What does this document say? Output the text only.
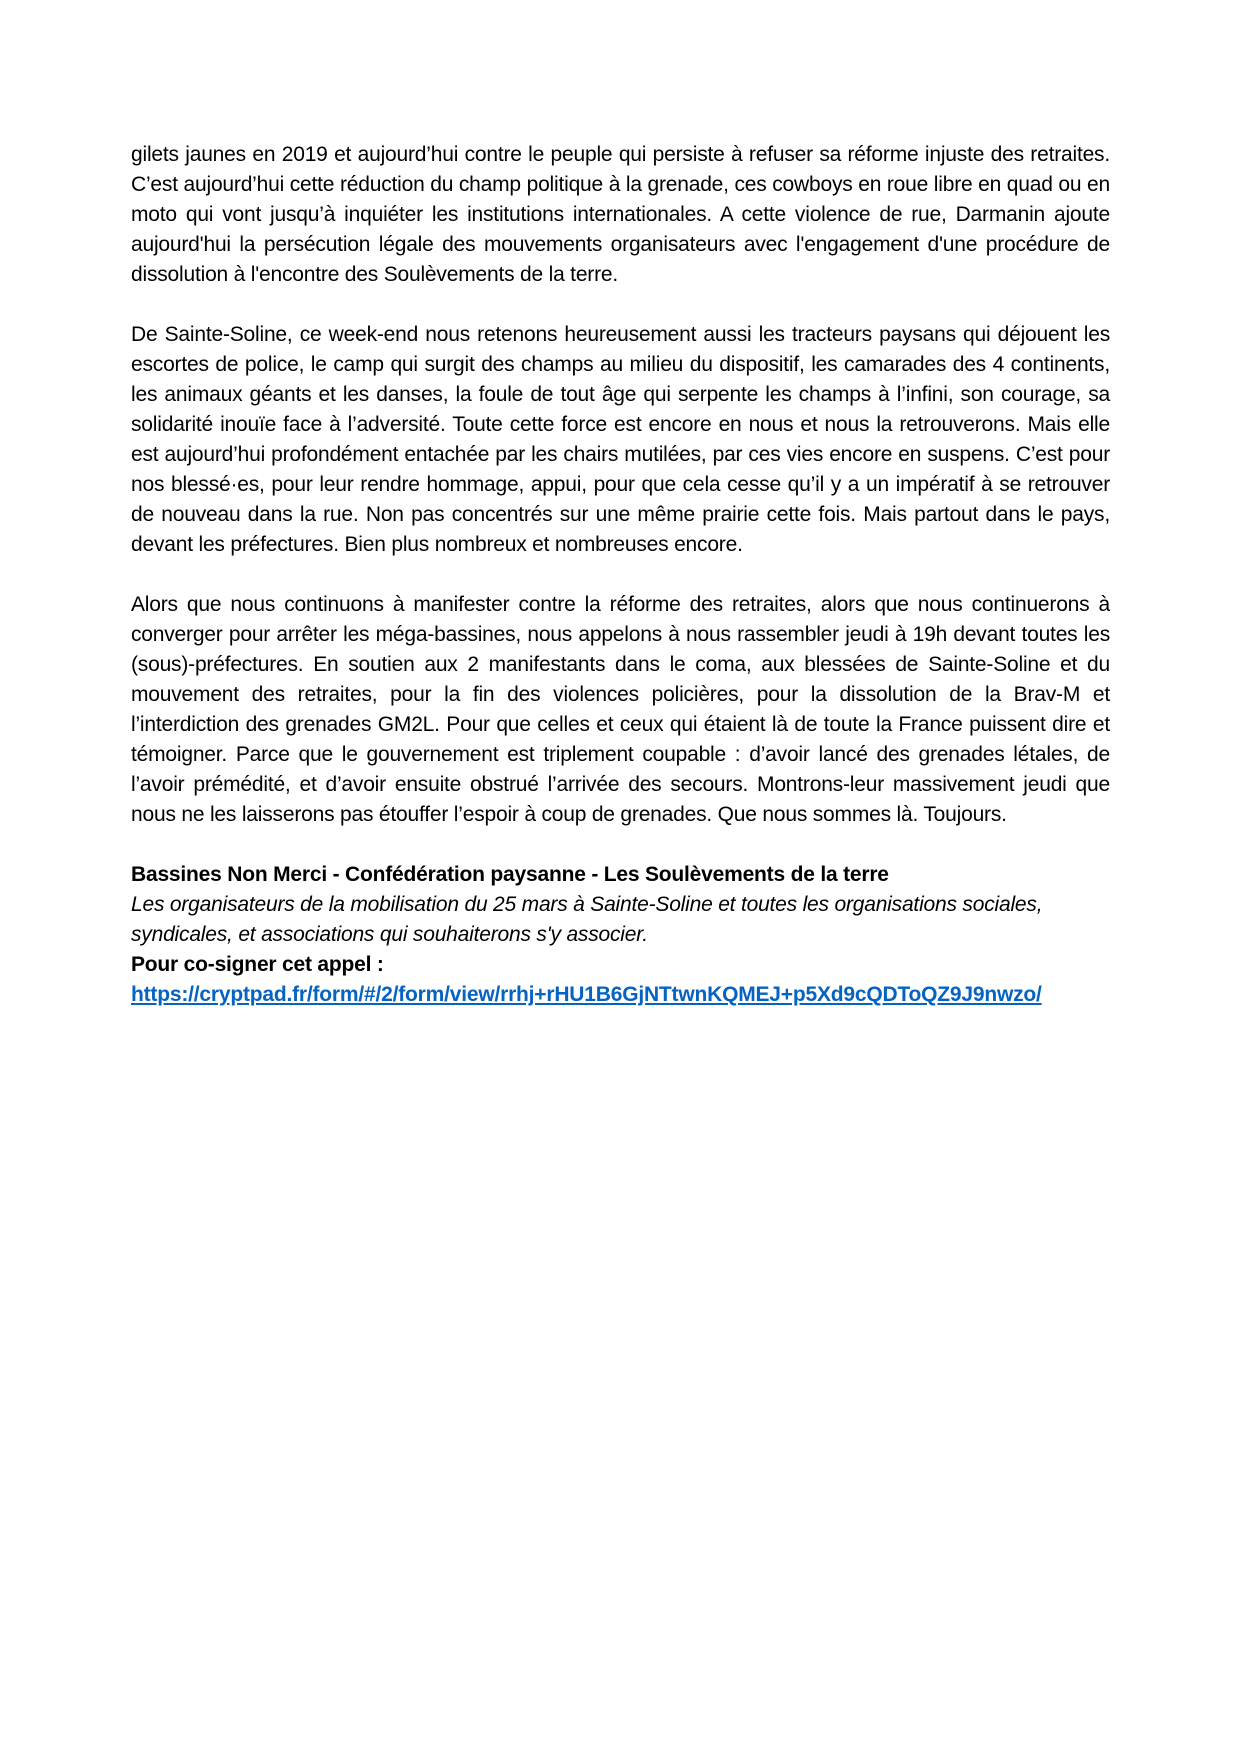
gilets jaunes en 2019 et aujourd’hui contre le peuple qui persiste à refuser sa réforme injuste des retraites. C’est aujourd’hui cette réduction du champ politique à la grenade, ces cowboys en roue libre en quad ou en moto qui vont jusqu’à inquiéter les institutions internationales. A cette violence de rue, Darmanin ajoute aujourd'hui la persécution légale des mouvements organisateurs avec l'engagement d'une procédure de dissolution à l'encontre des Soulèvements de la terre.

De Sainte-Soline, ce week-end nous retenons heureusement aussi les tracteurs paysans qui déjouent les escortes de police, le camp qui surgit des champs au milieu du dispositif, les camarades des 4 continents, les animaux géants et les danses, la foule de tout âge qui serpente les champs à l’infini, son courage, sa solidarité inouïe face à l’adversité. Toute cette force est encore en nous et nous la retrouverons. Mais elle est aujourd’hui profondément entachée par les chairs mutilées, par ces vies encore en suspens. C’est pour nos blessé·es, pour leur rendre hommage, appui, pour que cela cesse qu’il y a un impératif à se retrouver de nouveau dans la rue. Non pas concentrés sur une même prairie cette fois. Mais partout dans le pays, devant les préfectures. Bien plus nombreux et nombreuses encore.

Alors que nous continuons à manifester contre la réforme des retraites, alors que nous continuerons à converger pour arrêter les méga-bassines, nous appelons à nous rassembler jeudi à 19h devant toutes les (sous)-préfectures. En soutien aux 2 manifestants dans le coma, aux blessées de Sainte-Soline et du mouvement des retraites, pour la fin des violences policières, pour la dissolution de la Brav-M et l’interdiction des grenades GM2L. Pour que celles et ceux qui étaient là de toute la France puissent dire et témoigner. Parce que le gouvernement est triplement coupable : d’avoir lancé des grenades létales, de l’avoir prémédité, et d’avoir ensuite obstrué l’arrivée des secours. Montrons-leur massivement jeudi que nous ne les laisserons pas étouffer l’espoir à coup de grenades. Que nous sommes là. Toujours.

Bassines Non Merci - Confédération paysanne - Les Soulèvements de la terre
Les organisateurs de la mobilisation du 25 mars à Sainte-Soline et toutes les organisations sociales, syndicales, et associations qui souhaiterons s'y associer.
Pour co-signer cet appel :
https://cryptpad.fr/form/#/2/form/view/rrhj+rHU1B6GjNTtwnKQMEJ+p5Xd9cQDToQZ9J9nwzo/
